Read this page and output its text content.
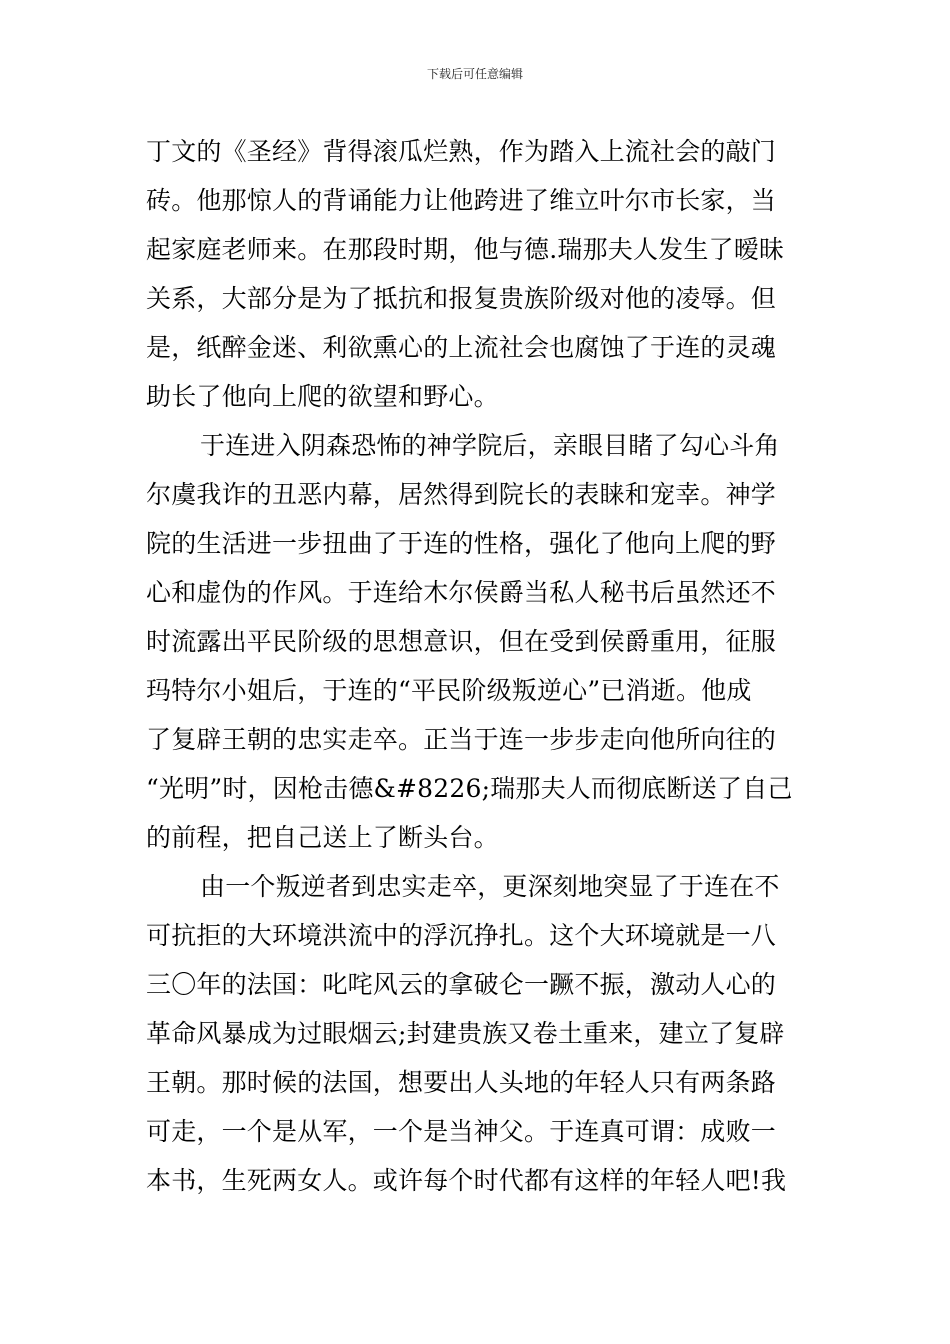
下载后可任意编辑
丁文的《圣经》背得滚瓜烂熟，作为踏入上流社会的敲门
砖。他那惊人的背诵能力让他跨进了维立叶尔市长家，当
起家庭老师来。在那段时期，他与德.瑞那夫人发生了暧昧
关系，大部分是为了抵抗和报复贵族阶级对他的凌辱。但
是，纸醉金迷、利欲熏心的上流社会也腐蚀了于连的灵魂
助长了他向上爬的欲望和野心。
于连进入阴森恐怖的神学院后，亲眼目睹了勾心斗角
尔虞我诈的丑恶内幕，居然得到院长的表睐和宠幸。神学
院的生活进一步扭曲了于连的性格，强化了他向上爬的野
心和虚伪的作风。于连给木尔侯爵当私人秘书后虽然还不
时流露出平民阶级的思想意识，但在受到侯爵重用，征服
玛特尔小姐后，于连的“平民阶级叛逆心”已消逝。他成
了复辟王朝的忠实走卒。正当于连一步步走向他所向往的
“光明”时，因枪击德&#8226;瑞那夫人而彻底断送了自己
的前程，把自己送上了断头台。
由一个叛逆者到忠实走卒，更深刻地突显了于连在不
可抗拒的大环境洪流中的浮沉挣扎。这个大环境就是一八
三〇年的法国：叱咤风云的拿破仑一蹶不振，激动人心的
革命风暴成为过眼烟云;封建贵族又卷土重来，建立了复辟
王朝。那时候的法国，想要出人头地的年轻人只有两条路
可走，一个是从军，一个是当神父。于连真可谓：成败一
本书，生死两女人。或许每个时代都有这样的年轻人吧!我
